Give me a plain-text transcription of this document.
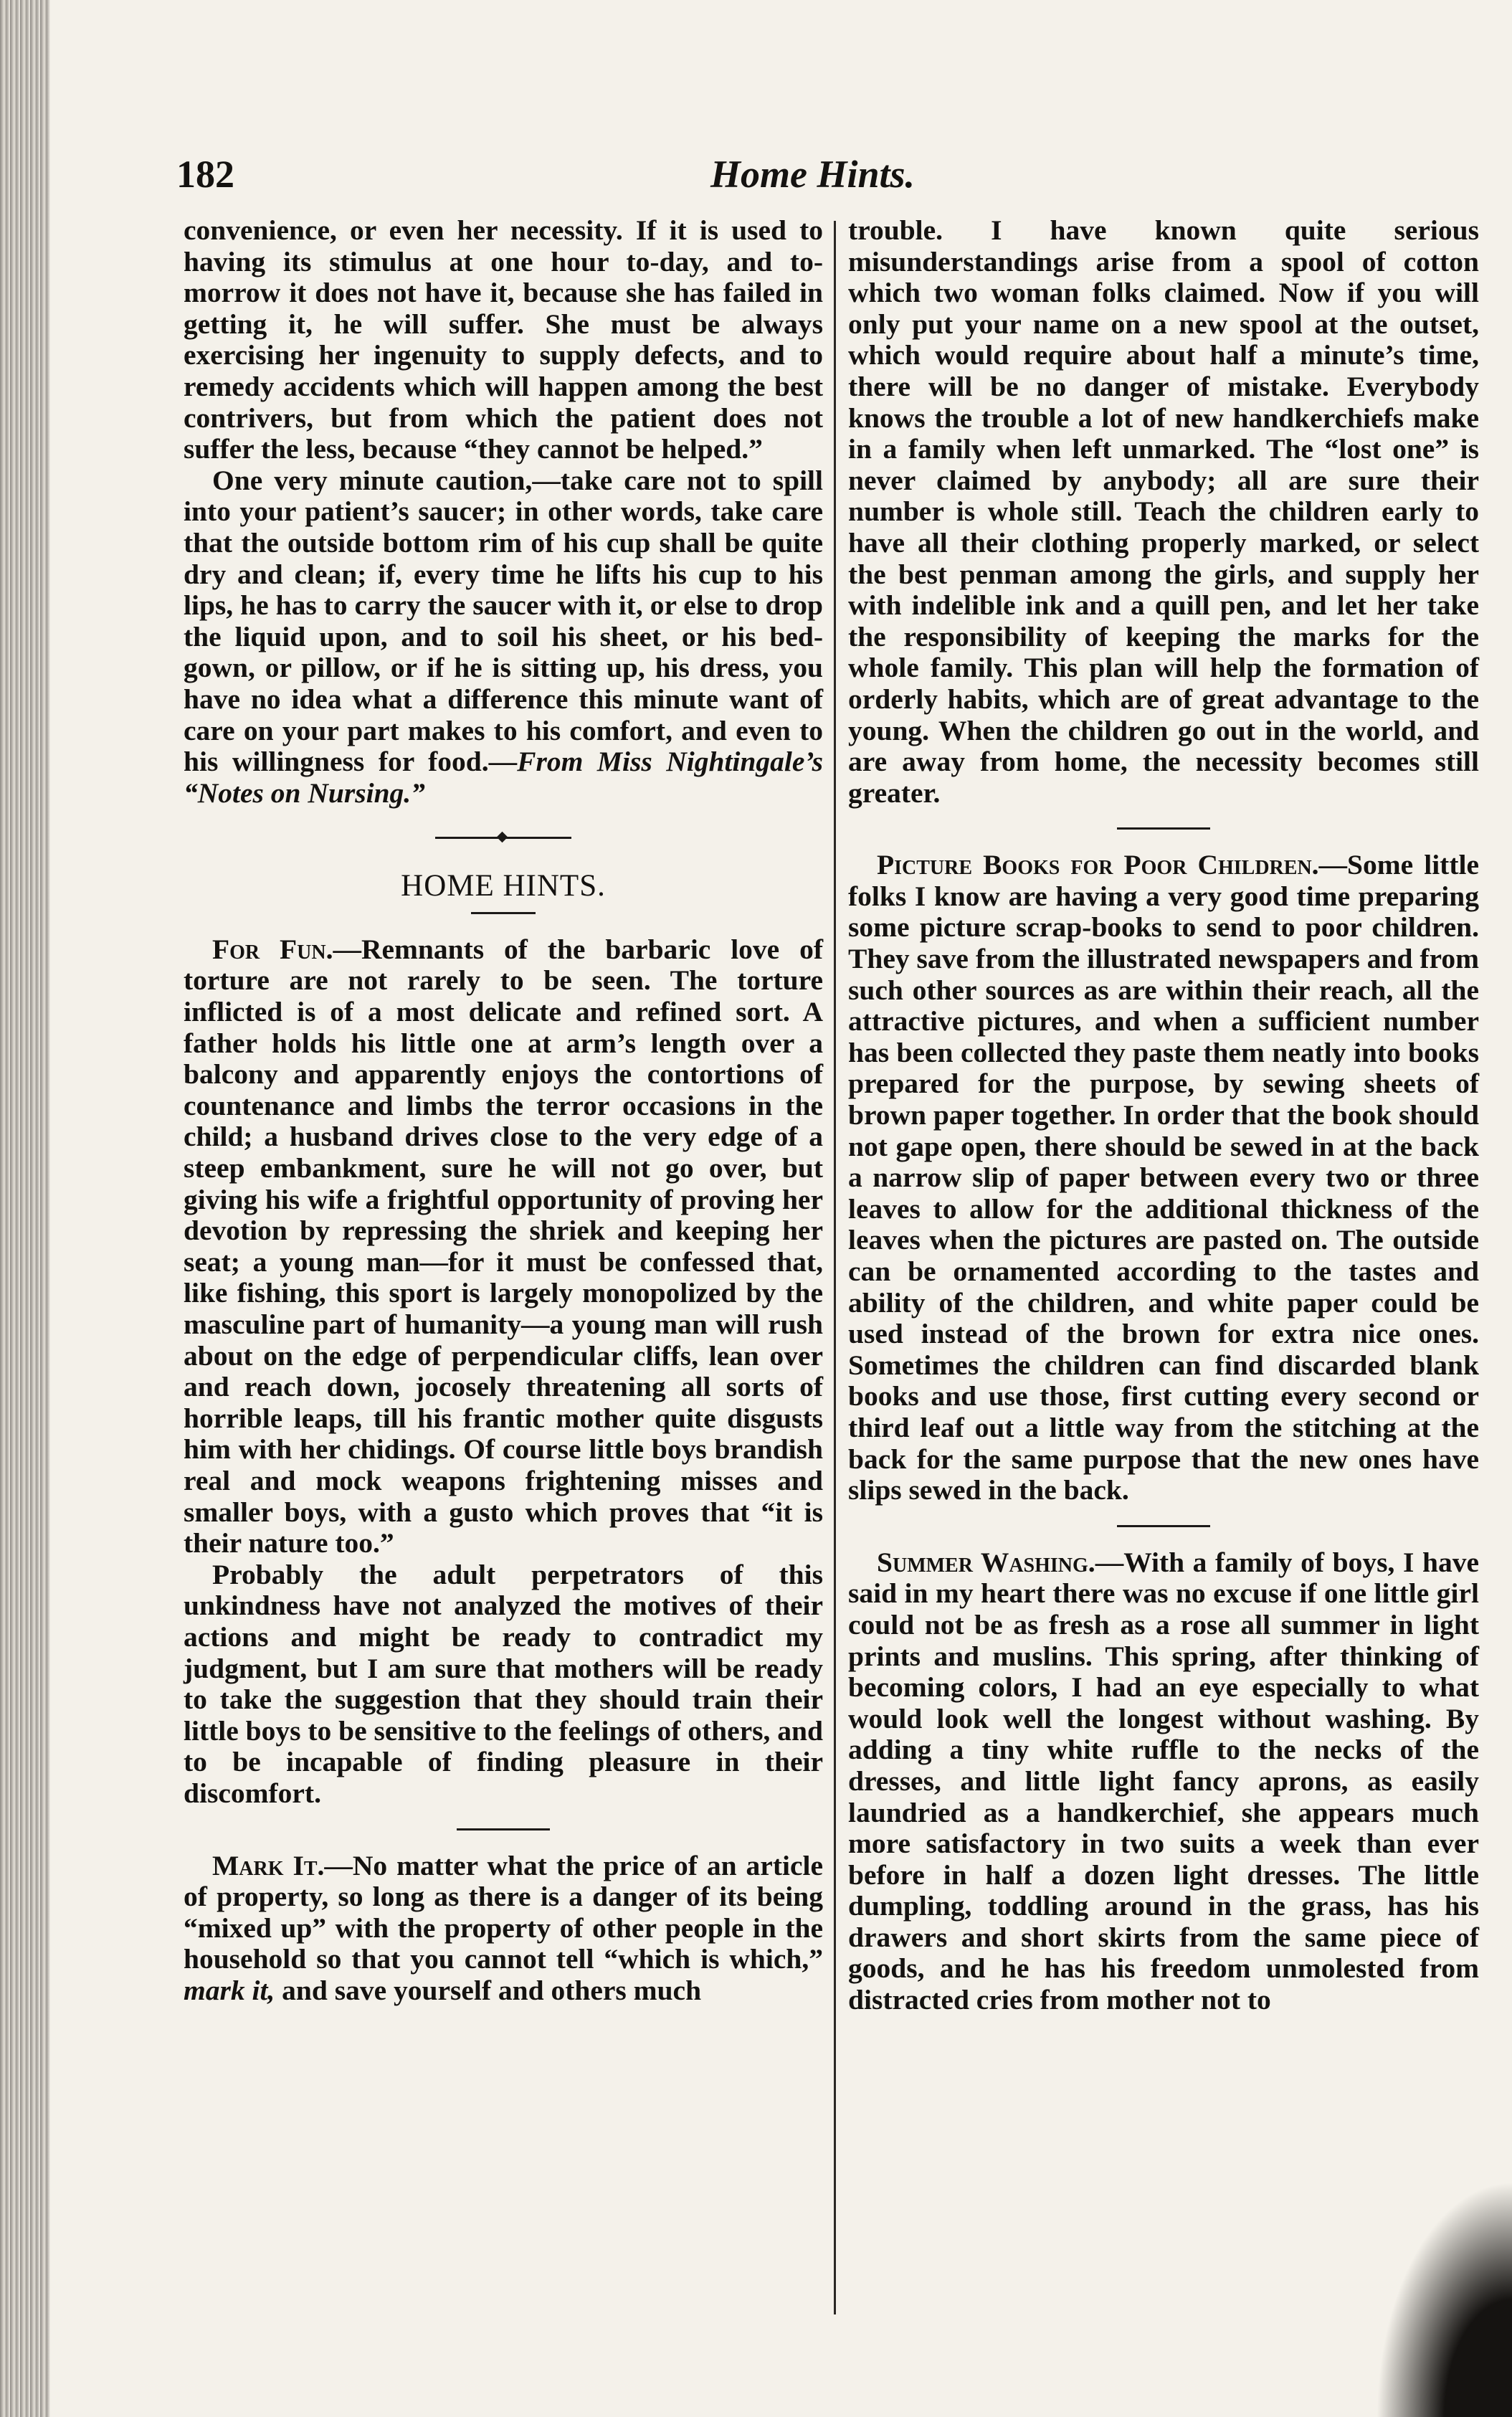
182	Home Hints.

convenience, or even her necessity. If it is used to having its stimulus at one hour to-day, and to-morrow it does not have it, because she has failed in getting it, he will suffer. She must be always exercising her ingenuity to supply defects, and to remedy accidents which will happen among the best contrivers, but from which the patient does not suffer the less, because “they cannot be helped.”

One very minute caution,—take care not to spill into your patient’s saucer; in other words, take care that the outside bottom rim of his cup shall be quite dry and clean; if, every time he lifts his cup to his lips, he has to carry the saucer with it, or else to drop the liquid upon, and to soil his sheet, or his bed-gown, or pillow, or if he is sitting up, his dress, you have no idea what a difference this minute want of care on your part makes to his comfort, and even to his willingness for food.—From Miss Nightingale’s “Notes on Nursing.”

HOME HINTS.

For Fun.—Remnants of the barbaric love of torture are not rarely to be seen. The torture inflicted is of a most delicate and refined sort. A father holds his little one at arm’s length over a balcony and apparently enjoys the contortions of countenance and limbs the terror occasions in the child; a husband drives close to the very edge of a steep embankment, sure he will not go over, but giving his wife a frightful opportunity of proving her devotion by repressing the shriek and keeping her seat; a young man—for it must be confessed that, like fishing, this sport is largely monopolized by the masculine part of humanity—a young man will rush about on the edge of perpendicular cliffs, lean over and reach down, jocosely threatening all sorts of horrible leaps, till his frantic mother quite disgusts him with her chidings. Of course little boys brandish real and mock weapons frightening misses and smaller boys, with a gusto which proves that “it is their nature too.”

Probably the adult perpetrators of this unkindness have not analyzed the motives of their actions and might be ready to contradict my judgment, but I am sure that mothers will be ready to take the suggestion that they should train their little boys to be sensitive to the feelings of others, and to be incapable of finding pleasure in their discomfort.

Mark It.—No matter what the price of an article of property, so long as there is a danger of its being “mixed up” with the property of other people in the household so that you cannot tell “which is which,” mark it, and save yourself and others much

trouble. I have known quite serious misunderstandings arise from a spool of cotton which two woman folks claimed. Now if you will only put your name on a new spool at the outset, which would require about half a minute’s time, there will be no danger of mistake. Everybody knows the trouble a lot of new handkerchiefs make in a family when left unmarked. The “lost one” is never claimed by anybody; all are sure their number is whole still. Teach the children early to have all their clothing properly marked, or select the best penman among the girls, and supply her with indelible ink and a quill pen, and let her take the responsibility of keeping the marks for the whole family. This plan will help the formation of orderly habits, which are of great advantage to the young. When the children go out in the world, and are away from home, the necessity becomes still greater.

Picture Books for Poor Children.—Some little folks I know are having a very good time preparing some picture scrap-books to send to poor children. They save from the illustrated newspapers and from such other sources as are within their reach, all the attractive pictures, and when a sufficient number has been collected they paste them neatly into books prepared for the purpose, by sewing sheets of brown paper together. In order that the book should not gape open, there should be sewed in at the back a narrow slip of paper between every two or three leaves to allow for the additional thickness of the leaves when the pictures are pasted on. The outside can be ornamented according to the tastes and ability of the children, and white paper could be used instead of the brown for extra nice ones. Sometimes the children can find discarded blank books and use those, first cutting every second or third leaf out a little way from the stitching at the back for the same purpose that the new ones have slips sewed in the back.

Summer Washing.—With a family of boys, I have said in my heart there was no excuse if one little girl could not be as fresh as a rose all summer in light prints and muslins. This spring, after thinking of becoming colors, I had an eye especially to what would look well the longest without washing. By adding a tiny white ruffle to the necks of the dresses, and little light fancy aprons, as easily laundried as a handkerchief, she appears much more satisfactory in two suits a week than ever before in half a dozen light dresses. The little dumpling, toddling around in the grass, has his drawers and short skirts from the same piece of goods, and he has his freedom unmolested from distracted cries from mother not to
